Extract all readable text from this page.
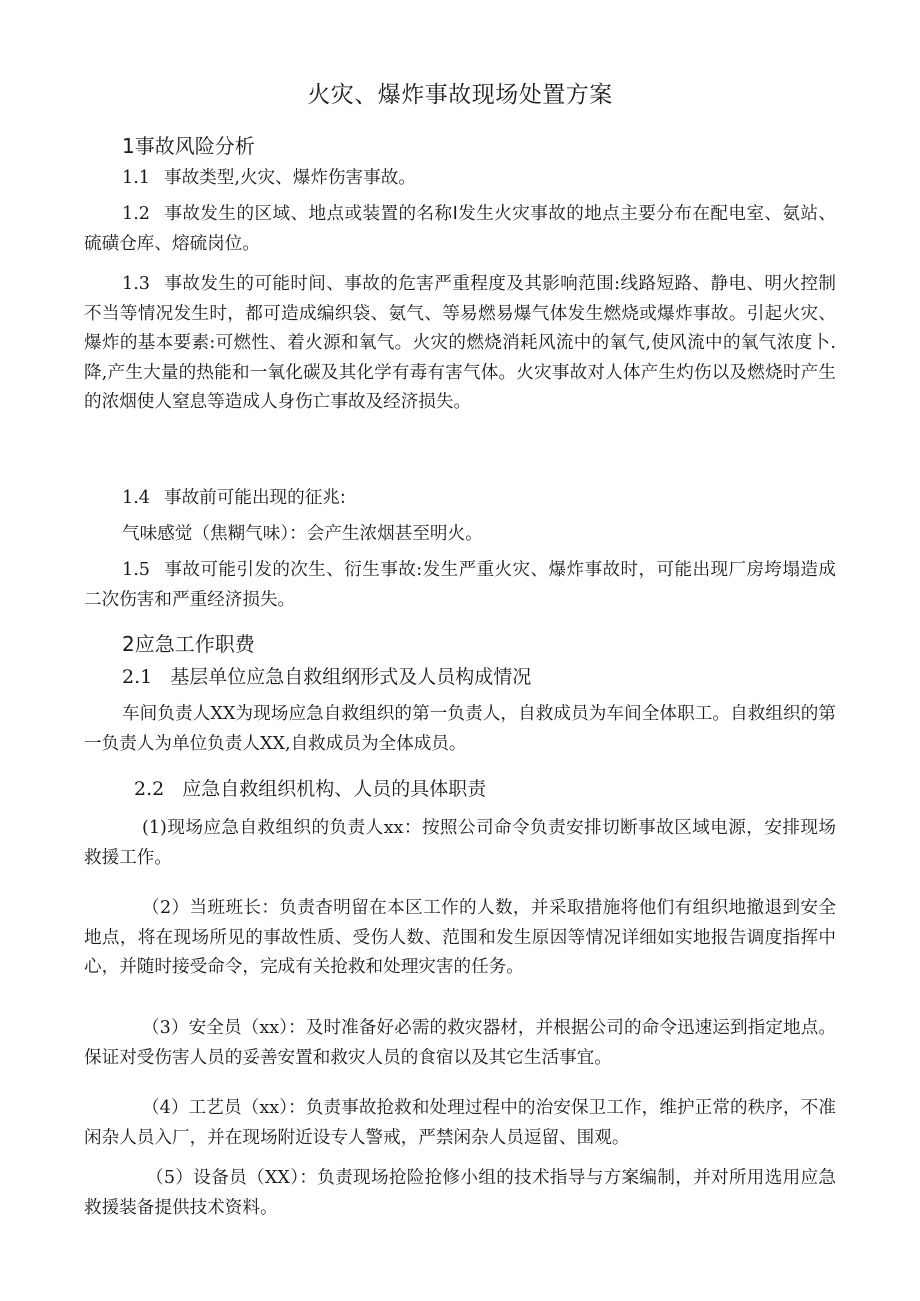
火灾、爆炸事故现场处置方案
1事故风险分析

1.1 事故类型,火灾、爆炸伤害事故。

1.2 事故发生的区域、地点或装置的名称I发生火灾事故的地点主要分布在配电室、氨站、硫磺仓库、熔硫岗位。

1.3 事故发生的可能时间、事故的危害严重程度及其影响范围:线路短路、静电、明火控制不当等情况发生时，都可造成编织袋、氨气、等易燃易爆气体发生燃烧或爆炸事故。引起火灾、爆炸的基本要素:可燃性、着火源和氧气。火灾的燃烧消耗风流中的氧气,使风流中的氧气浓度卜.降,产生大量的热能和一氧化碳及其化学有毒有害气体。火灾事故对人体产生灼伤以及燃烧时产生的浓烟使人窒息等造成人身伤亡事故及经济损失。

1.4 事故前可能出现的征兆:

气味感觉（焦糊气味）：会产生浓烟甚至明火。

1.5 事故可能引发的次生、衍生事故:发生严重火灾、爆炸事故时，可能出现厂房垮塌造成二次伤害和严重经济损失。

2应急工作职费
2.1 基层单位应急自救组纲形式及人员构成情况

车间负责人XX为现场应急自救组织的第一负责人，自救成员为车间全体职工。自救组织的第一负责人为单位负责人XX,自救成员为全体成员。

2.2 应急自救组织机构、人员的具体职责

(1)现场应急自救组织的负责人xx：按照公司命令负责安排切断事故区域电源，安排现场救援工作。

（2）当班班长：负责杳明留在本区工作的人数，并采取措施将他们有组织地撤退到安全地点，将在现场所见的事故性质、受伤人数、范围和发生原因等情况详细如实地报告调度指挥中心，并随时接受命令，完成有关抢救和处理灾害的任务。

（3）安全员（xx）：及时准备好必需的救灾器材，并根据公司的命令迅速运到指定地点。保证对受伤害人员的妥善安置和救灾人员的食宿以及其它生活事宜。

（4）工艺员（xx）：负责事故抢救和处理过程中的治安保卫工作，维护正常的秩序，不准闲杂人员入厂，并在现场附近设专人警戒，严禁闲杂人员逗留、围观。

（5）设备员（XX）：负责现场抢险抢修小组的技术指导与方案编制，并对所用选用应急救援装备提供技术资料。
